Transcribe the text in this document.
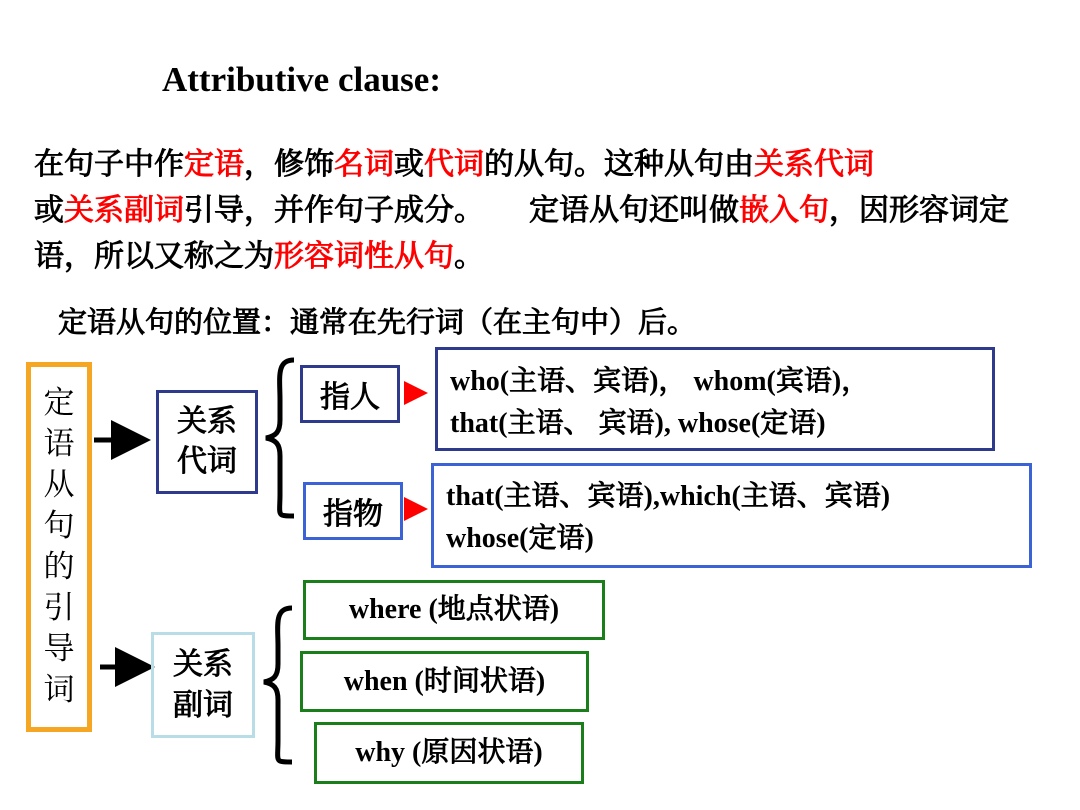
Attributive clause:
在句子中作定语，修饰名词或代词的从句。这种从句由关系代词
或关系副词引导，并作句子成分。　　定语从句还叫做嵌入句，因形容词定语，所以又称之为形容词性从句。
定语从句的位置：通常在先行词（在主句中）后。
定
语
从
句
的
引
导
词
关系
代词
指人
指物
who(主语、宾语)， whom(宾语)，
that(主语、 宾语), whose(定语)
that(主语、宾语),which(主语、宾语)
whose(定语)
关系
副词
where (地点状语)
when (时间状语)
why (原因状语)
